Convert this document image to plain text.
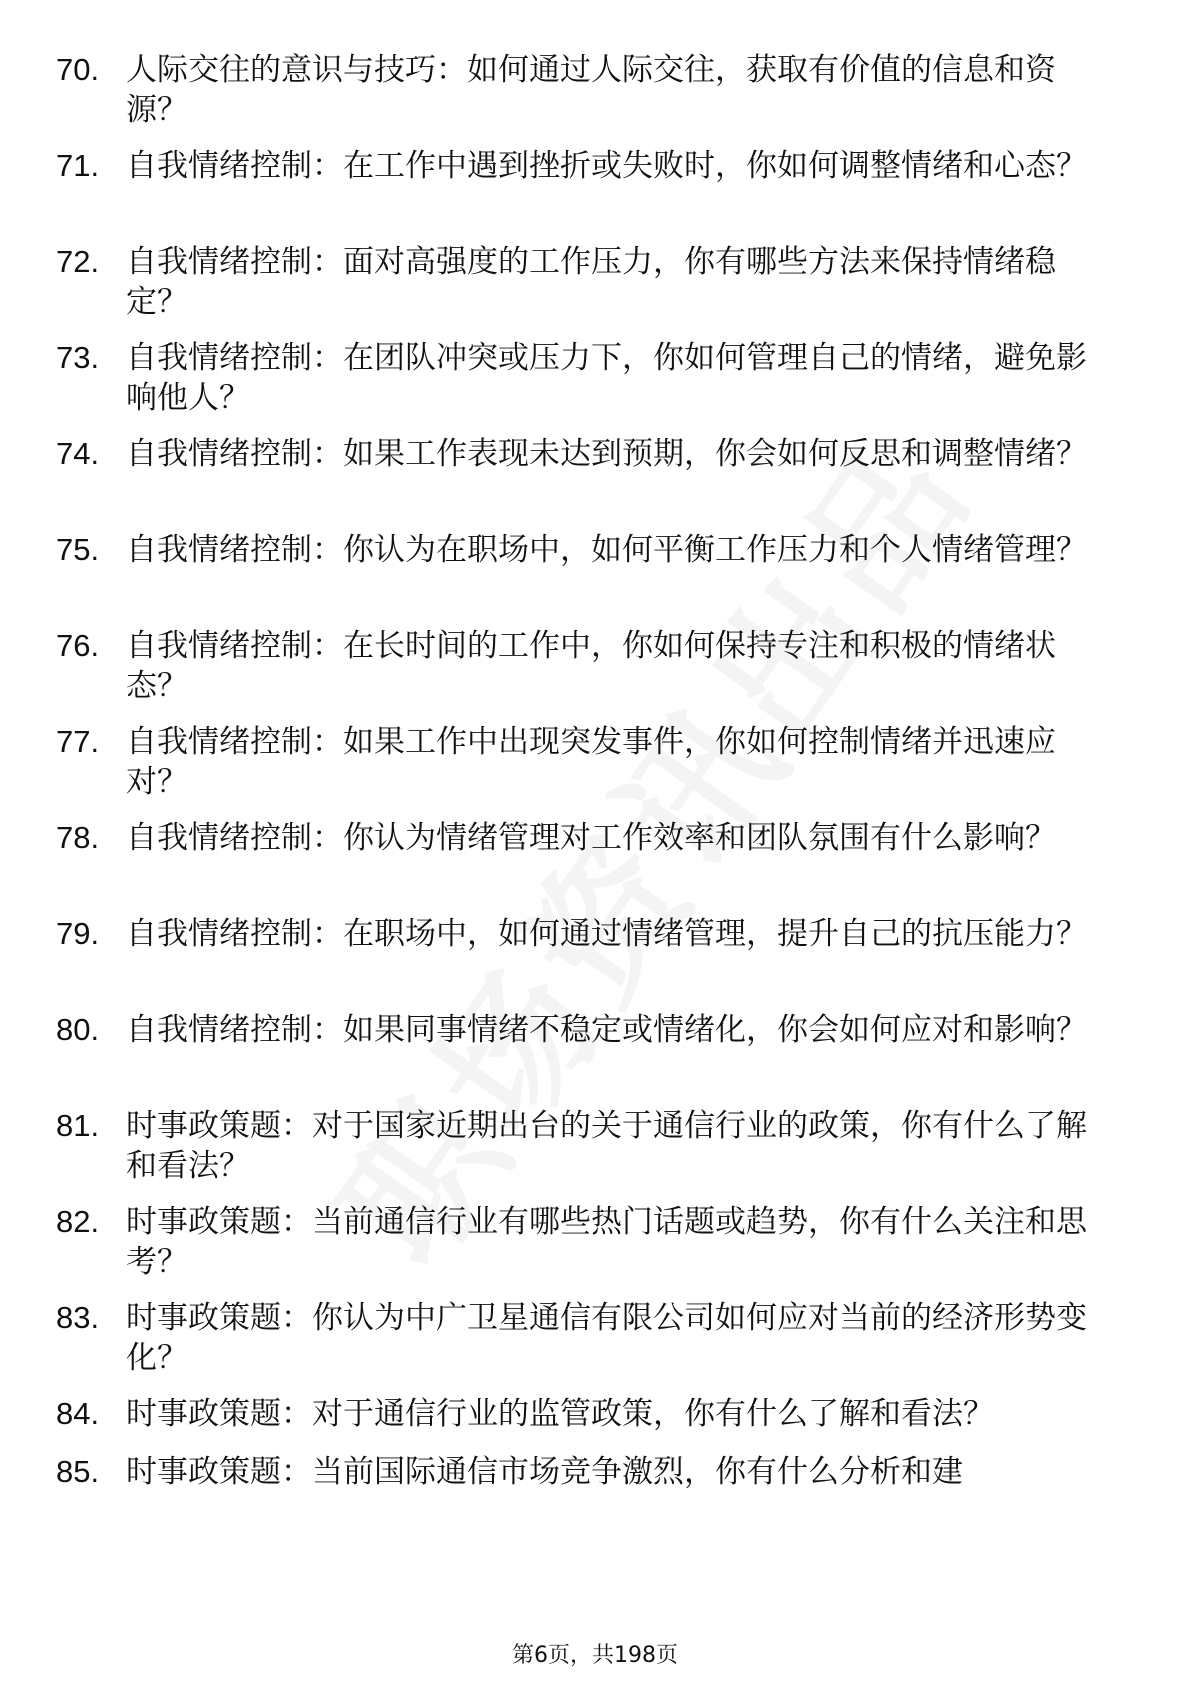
70. 人际交往的意识与技巧：如何通过人际交往，获取有价值的信息和资源？
71. 自我情绪控制：在工作中遇到挫折或失败时，你如何调整情绪和心态？
72. 自我情绪控制：面对高强度的工作压力，你有哪些方法来保持情绪稳定？
73. 自我情绪控制：在团队冲突或压力下，你如何管理自己的情绪，避免影响他人？
74. 自我情绪控制：如果工作表现未达到预期，你会如何反思和调整情绪？
75. 自我情绪控制：你认为在职场中，如何平衡工作压力和个人情绪管理？
76. 自我情绪控制：在长时间的工作中，你如何保持专注和积极的情绪状态？
77. 自我情绪控制：如果工作中出现突发事件，你如何控制情绪并迅速应对？
78. 自我情绪控制：你认为情绪管理对工作效率和团队氛围有什么影响？
79. 自我情绪控制：在职场中，如何通过情绪管理，提升自己的抗压能力？
80. 自我情绪控制：如果同事情绪不稳定或情绪化，你会如何应对和影响？
81. 时事政策题：对于国家近期出台的关于通信行业的政策，你有什么了解和看法？
82. 时事政策题：当前通信行业有哪些热门话题或趋势，你有什么关注和思考？
83. 时事政策题：你认为中广卫星通信有限公司如何应对当前的经济形势变化？
84. 时事政策题：对于通信行业的监管政策，你有什么了解和看法？
85. 时事政策题：当前国际通信市场竞争激烈，你有什么分析和建
第6页，共198页
